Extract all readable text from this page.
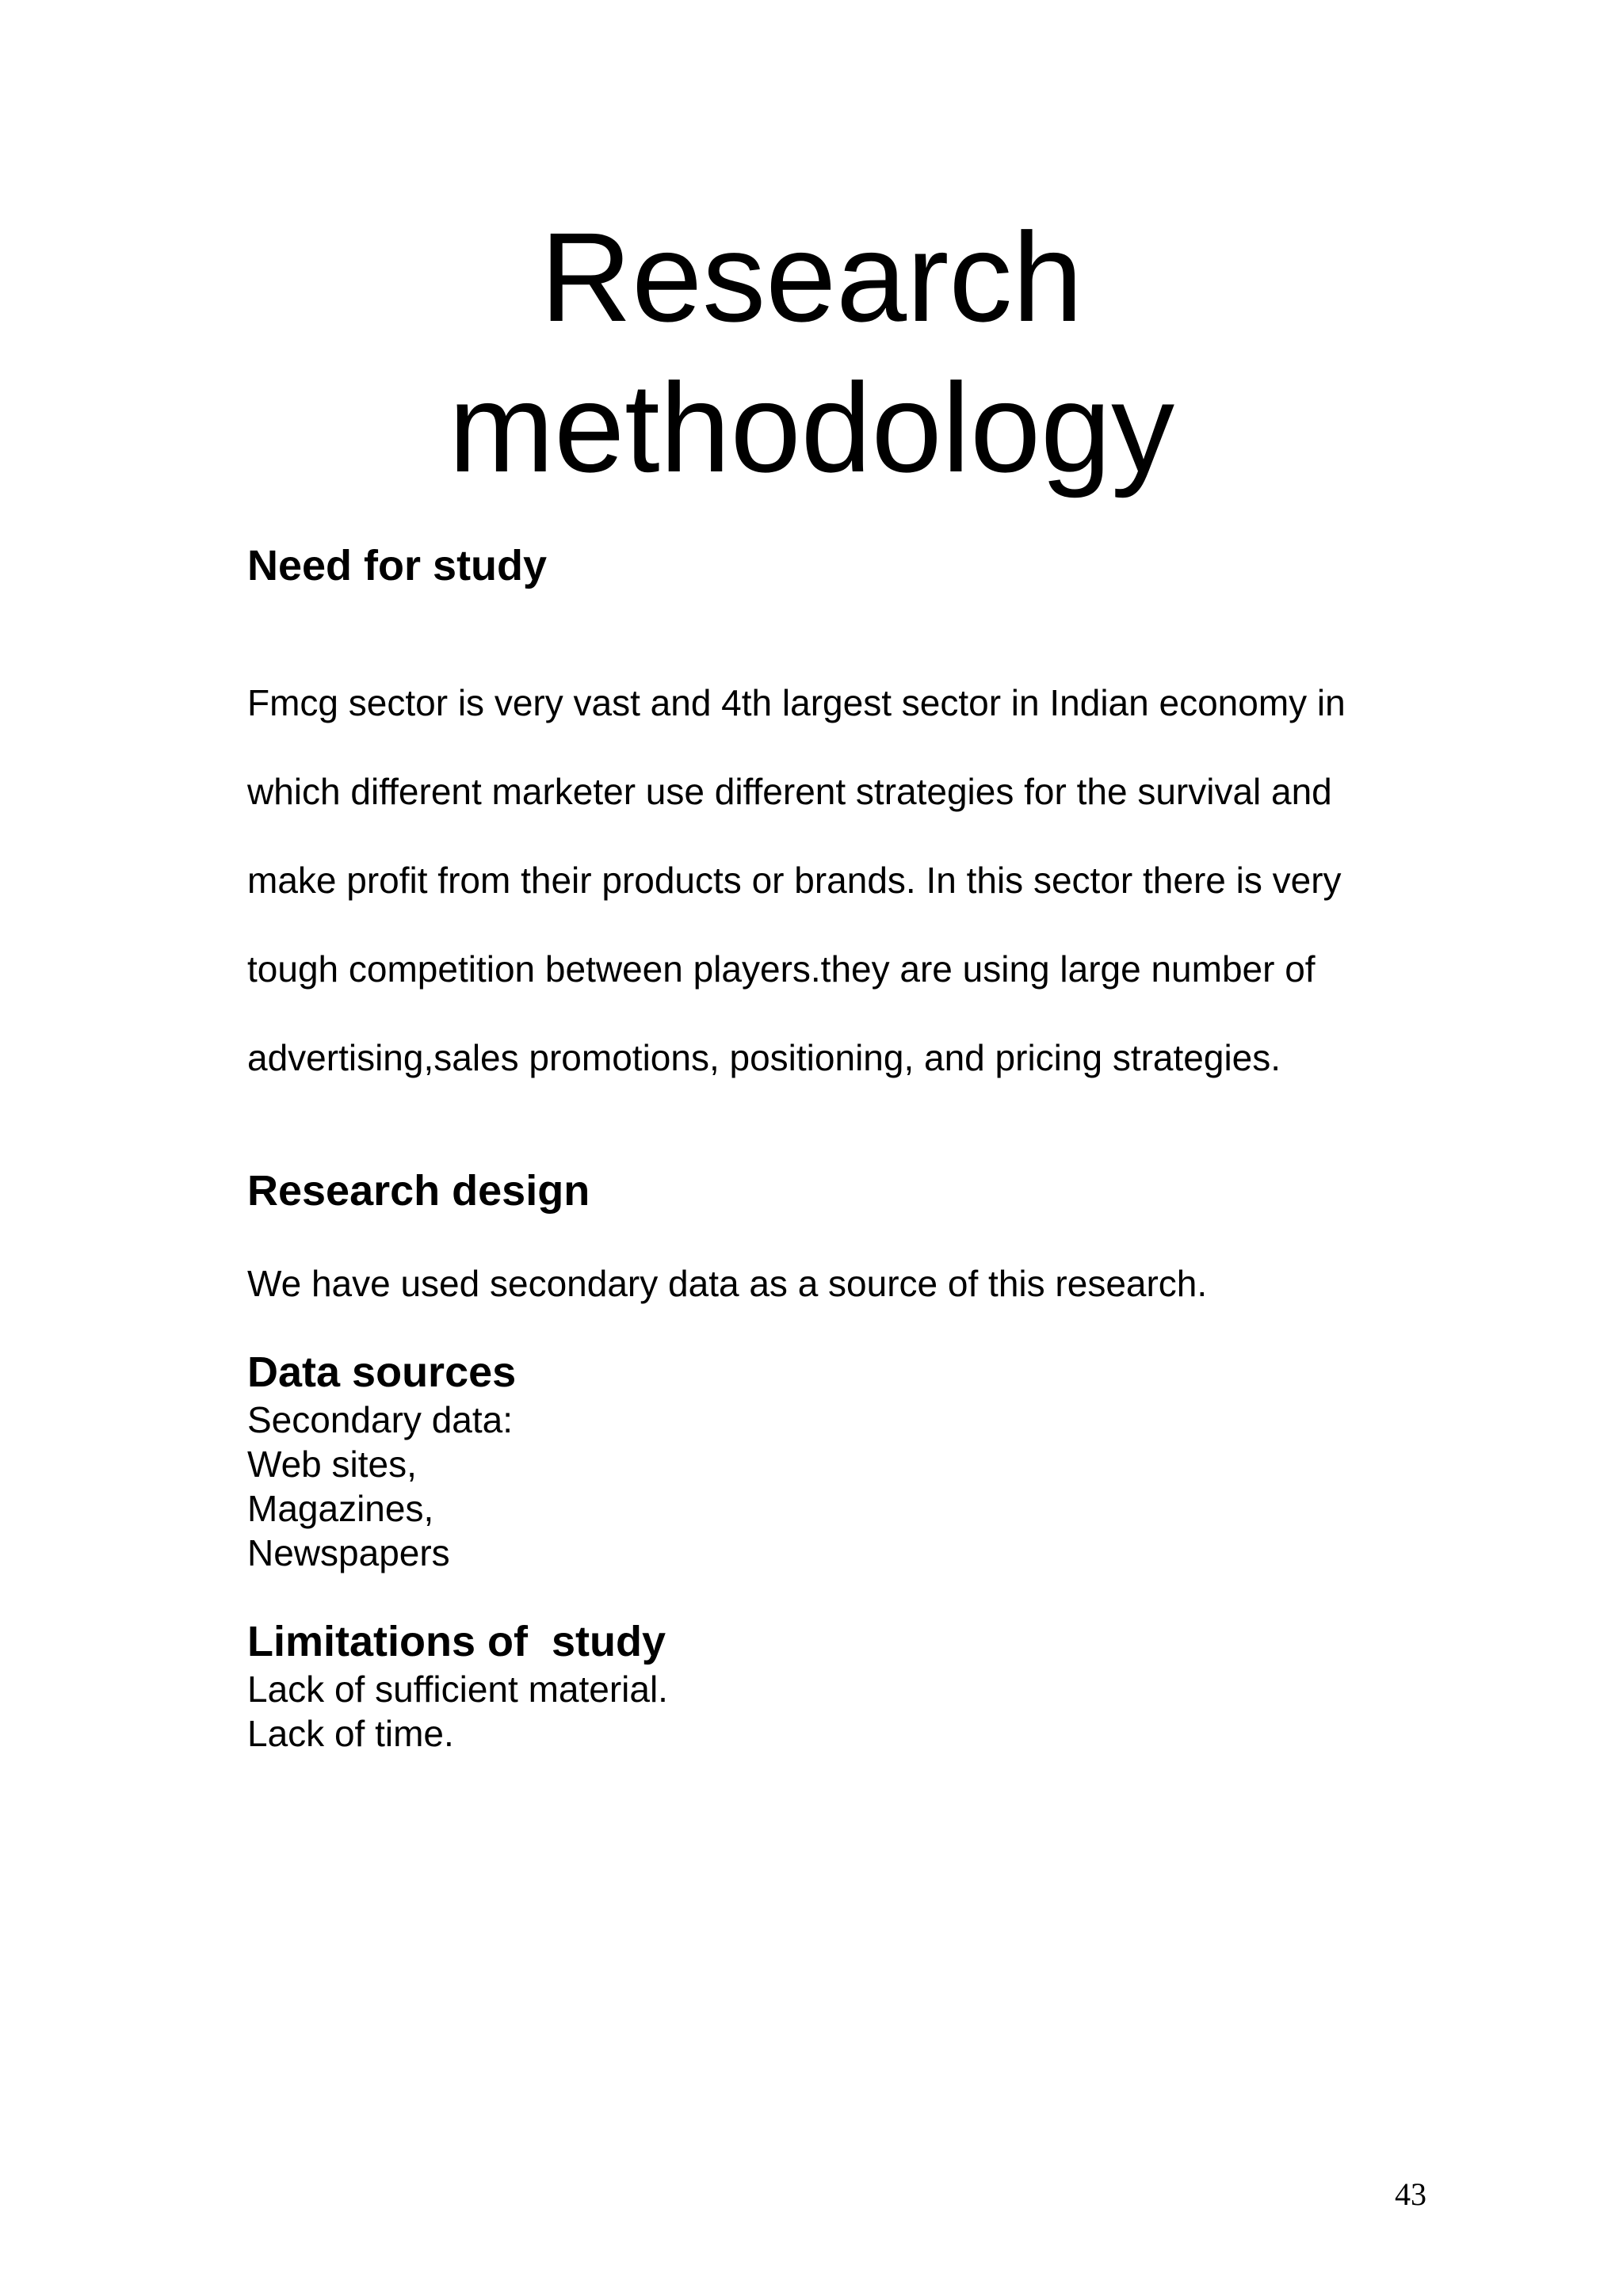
Research
methodology
Need for study

Fmcg sector is very vast and 4th largest sector in Indian economy in

which different marketer use different strategies for the survival and

make profit from their products or brands. In this sector there is very

tough competition between players.they are using large number of

advertising,sales promotions, positioning, and pricing strategies.

Research design

We have used secondary data as a source of this research.

Data sources
Secondary data:
Web sites,
Magazines,
Newspapers
Limitations of  study
Lack of sufficient material.
Lack of time.
43
